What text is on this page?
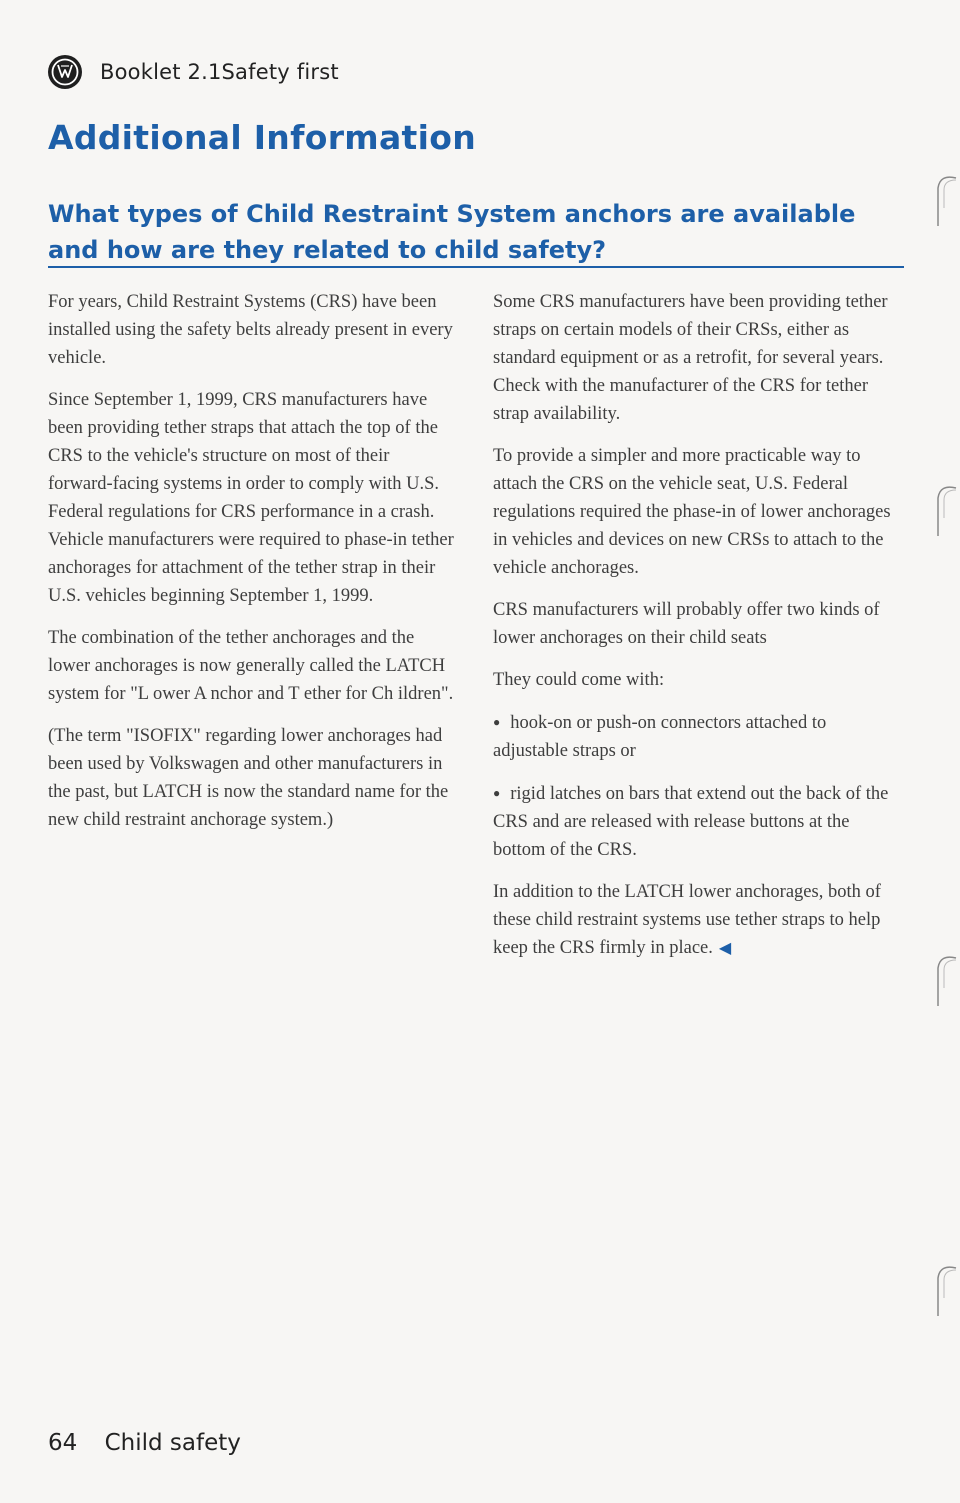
Booklet 2.1 Safety first
Additional Information
What types of Child Restraint System anchors are available and how are they related to child safety?

For years, Child Restraint Systems (CRS) have been installed using the safety belts already present in every vehicle.

Since September 1, 1999, CRS manufacturers have been providing tether straps that attach the top of the CRS to the vehicle's structure on most of their forward-facing systems in order to comply with U.S. Federal regulations for CRS performance in a crash. Vehicle manufacturers were required to phase-in tether anchorages for attachment of the tether strap in their U.S. vehicles beginning September 1, 1999.

The combination of the tether anchorages and the lower anchorages is now generally called the LATCH system for "L ower A nchor and T ether for Ch ildren".

(The term "ISOFIX" regarding lower anchorages had been used by Volkswagen and other manufacturers in the past, but LATCH is now the standard name for the new child restraint anchorage system.)

Some CRS manufacturers have been providing tether straps on certain models of their CRSs, either as standard equipment or as a retrofit, for several years. Check with the manufacturer of the CRS for tether strap availability.

To provide a simpler and more practicable way to attach the CRS on the vehicle seat, U.S. Federal regulations required the phase-in of lower anchorages in vehicles and devices on new CRSs to attach to the vehicle anchorages.

CRS manufacturers will probably offer two kinds of lower anchorages on their child seats

They could come with:

● hook-on or push-on connectors attached to adjustable straps or
● rigid latches on bars that extend out the back of the CRS and are released with release buttons at the bottom of the CRS.

In addition to the LATCH lower anchorages, both of these child restraint systems use tether straps to help keep the CRS firmly in place. ◀

64 Child safety
